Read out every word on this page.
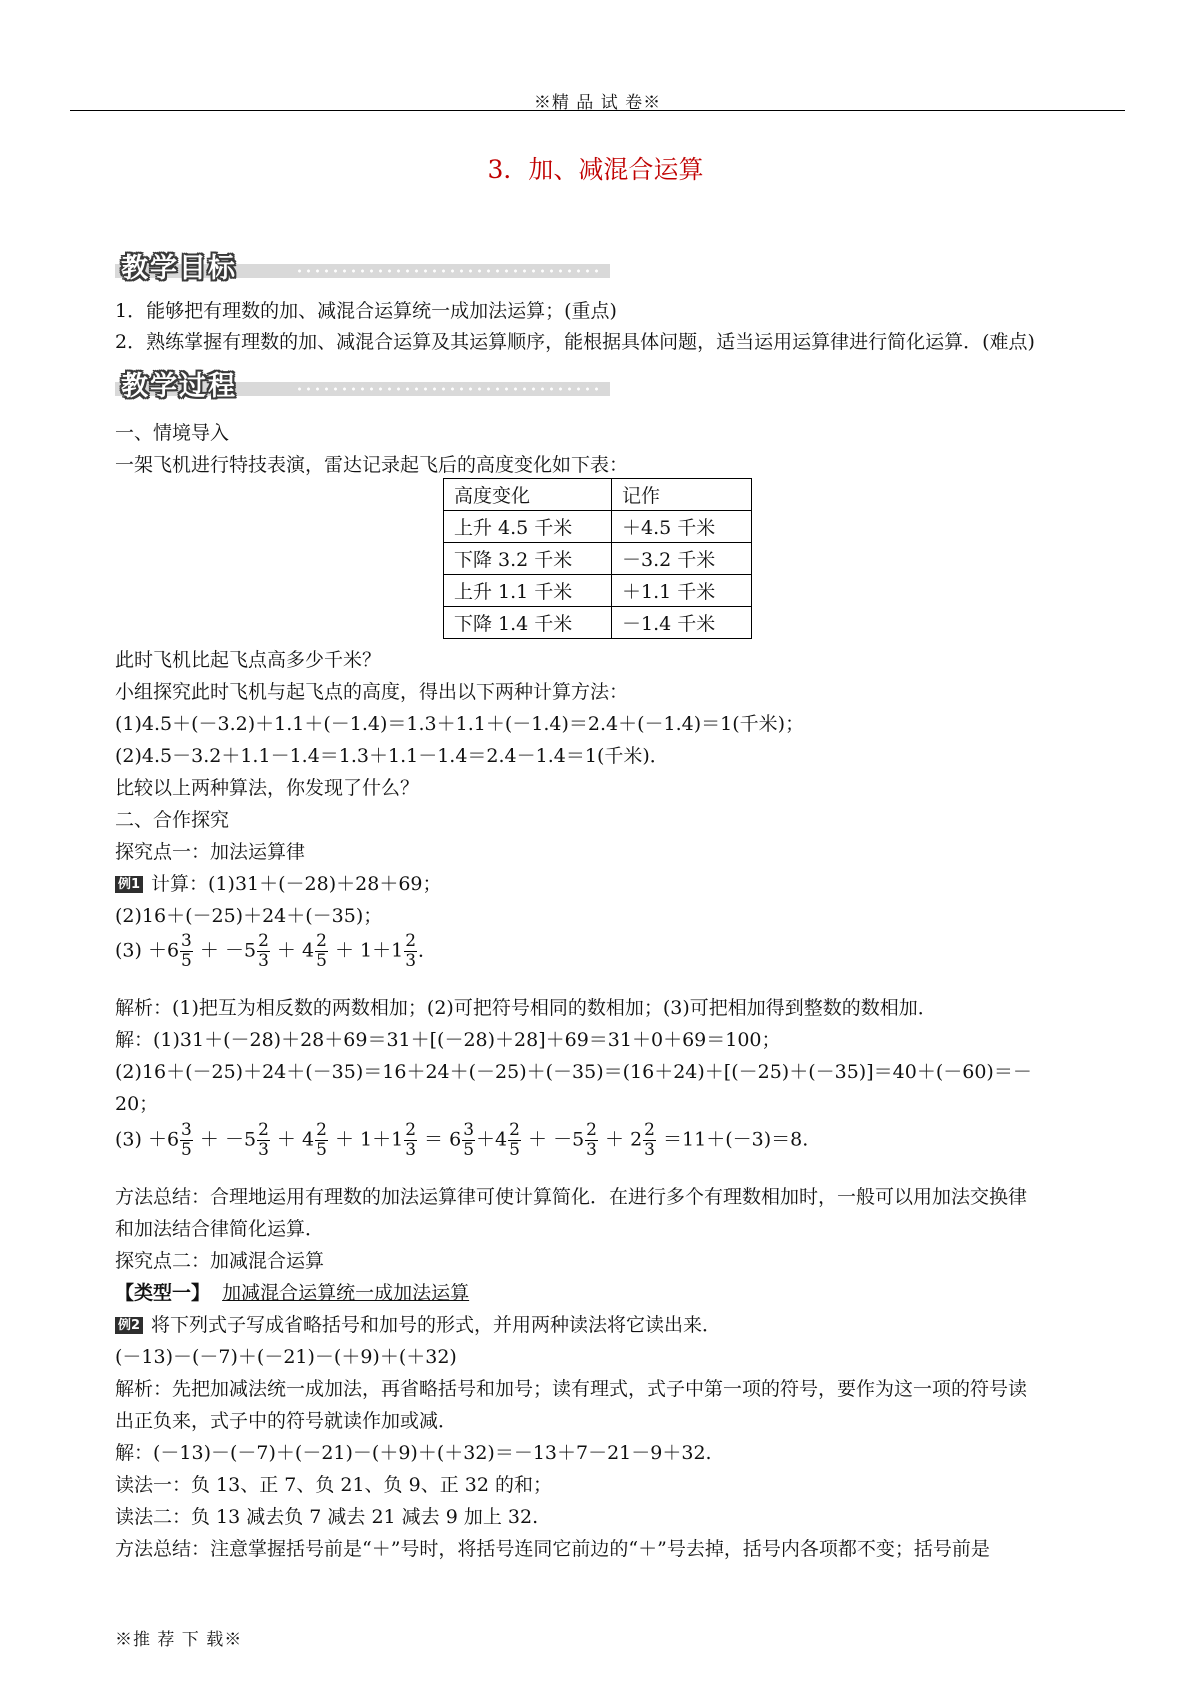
※精 品 试 卷※
3．加、减混合运算
教学目标
1．能够把有理数的加、减混合运算统一成加法运算；(重点)
2．熟练掌握有理数的加、减混合运算及其运算顺序，能根据具体问题，适当运用运算律进行简化运算．(难点)
教学过程
一、情境导入
一架飞机进行特技表演，雷达记录起飞后的高度变化如下表：
高度变化	记作
上升 4.5 千米	＋4.5 千米
下降 3.2 千米	－3.2 千米
上升 1.1 千米	＋1.1 千米
下降 1.4 千米	－1.4 千米
此时飞机比起飞点高多少千米？
小组探究此时飞机与起飞点的高度，得出以下两种计算方法：
(1)4.5＋(－3.2)＋1.1＋(－1.4)＝1.3＋1.1＋(－1.4)＝2.4＋(－1.4)＝1(千米)；
(2)4.5－3.2＋1.1－1.4＝1.3＋1.1－1.4＝2.4－1.4＝1(千米)．
比较以上两种算法，你发现了什么？
二、合作探究
探究点一：加法运算律
例1 计算：(1)31＋(－28)＋28＋69；
(2)16＋(－25)＋24＋(－35)；
$(3) +6 \frac{3}{5} + -5 \frac{2}{3} + 4 \frac{2}{5} + 1+1 \frac{2}{3}$ ．
解析：(1)把互为相反数的两数相加；(2)可把符号相同的数相加；(3)可把相加得到整数的数相加．
解：(1)31＋(－28)＋28＋69＝31＋[(－28)＋28]＋69＝31＋0＋69＝100；
(2)16＋(－25)＋24＋(－35)＝16＋24＋(－25)＋(－35)＝(16＋24)＋[(－25)＋(－35)]＝40＋(－60)＝－
20；
$(3) +6 \frac{3}{5} + -5 \frac{2}{3} + 4 \frac{2}{5} + 1+1 \frac{2}{3} = 6 \frac{3}{5} +4 \frac{2}{5} + -5 \frac{2}{3} + 2 \frac{2}{3} =11+(-3)=8$.
方法总结：合理地运用有理数的加法运算律可使计算简化．在进行多个有理数相加时，一般可以用加法交换律
和加法结合律简化运算．
探究点二：加减混合运算
【类型一】 加减混合运算统一成加法运算
例2 将下列式子写成省略括号和加号的形式，并用两种读法将它读出来．
(－13)－(－7)＋(－21)－(＋9)＋(＋32)
解析：先把加减法统一成加法，再省略括号和加号；读有理式，式子中第一项的符号，要作为这一项的符号读
出正负来，式子中的符号就读作加或减．
解：(－13)－(－7)＋(－21)－(＋9)＋(＋32)＝－13＋7－21－9＋32.
读法一：负 13、正 7、负 21、负 9、正 32 的和；
读法二：负 13 减去负 7 减去 21 减去 9 加上 32.
方法总结：注意掌握括号前是“＋”号时，将括号连同它前边的“＋”号去掉，括号内各项都不变；括号前是
※推 荐 下 载※
